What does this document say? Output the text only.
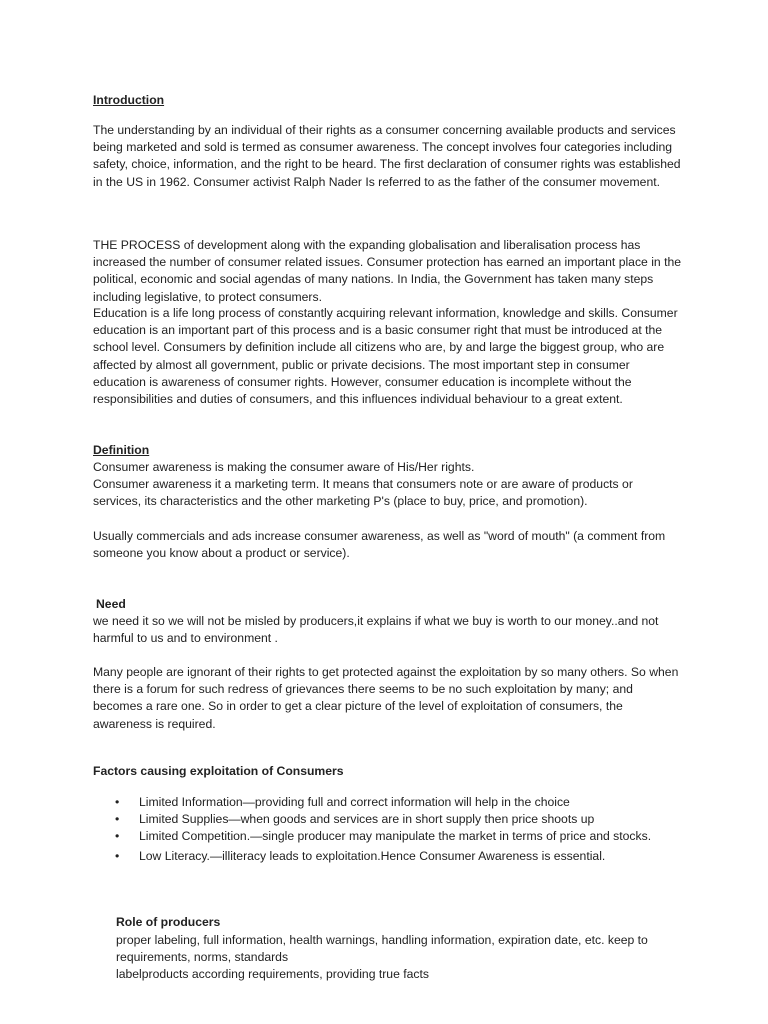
Introduction

The understanding by an individual of their rights as a consumer concerning available products and services being marketed and sold is termed as consumer awareness. The concept involves four categories including safety, choice, information, and the right to be heard. The first declaration of consumer rights was established in the US in 1962. Consumer activist Ralph Nader Is referred to as the father of the consumer movement.

THE PROCESS of development along with the expanding globalisation and liberalisation process has increased the number of consumer related issues. Consumer protection has earned an important place in the political, economic and social agendas of many nations. In India, the Government has taken many steps including legislative, to protect consumers.

Education is a life long process of constantly acquiring relevant information, knowledge and skills. Consumer education is an important part of this process and is a basic consumer right that must be introduced at the school level. Consumers by definition include all citizens who are, by and large the biggest group, who are affected by almost all government, public or private decisions. The most important step in consumer education is awareness of consumer rights. However, consumer education is incomplete without the responsibilities and duties of consumers, and this influences individual behaviour to a great extent.

Definition

Consumer awareness is making the consumer aware of His/Her rights.

Consumer awareness it a marketing term. It means that consumers note or are aware of products or services, its characteristics and the other marketing P's (place to buy, price, and promotion).

Usually commercials and ads increase consumer awareness, as well as "word of mouth" (a comment from someone you know about a product or service).

Need

we need it so we will not be misled by producers,it explains if what we buy is worth to our money..and not harmful to us and to environment .

Many people are ignorant of their rights to get protected against the exploitation by so many others. So when there is a forum for such redress of grievances there seems to be no such exploitation by many; and becomes a rare one. So in order to get a clear picture of the level of exploitation of consumers, the awareness is required.

Factors causing exploitation of Consumers
• Limited Information—providing full and correct information will help in the choice
• Limited Supplies—when goods and services are in short supply then price shoots up
• Limited Competition.—single producer may manipulate the market in terms of price and stocks.
• Low Literacy.—illiteracy leads to exploitation.Hence Consumer Awareness is essential.
Role of producers

proper labeling, full information, health warnings, handling information, expiration date, etc. keep to requirements, norms, standards

labelproducts according requirements, providing true facts
